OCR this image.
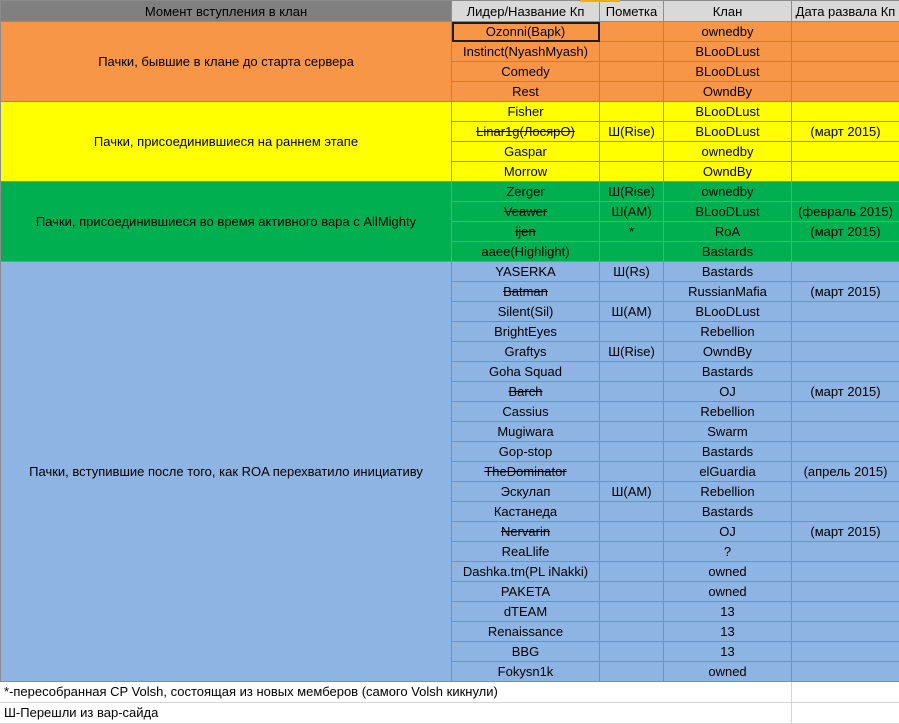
Момент вступления в клан	Лидер/Название Кп	Пометка	Клан	Дата развала Кп
Пачки, бывшие в клане до старта сервера	Ozonni(Bapk)		ownedby	
	Instinct(NyashMyash)		BLooDLust	
	Comedy		BLooDLust	
	Rest		OwndBy	
Пачки, присоединившиеся на раннем этапе	Fisher		BLooDLust	
	Linar1g(ЛосярО)	Ш(Rise)	BLooDLust	(март 2015)
	Gaspar		ownedby	
	Morrow		OwndBy	
Пачки, присоединившиеся во время активного вара с AllMighty	Zerger	Ш(Rise)	ownedby	
	Veawer	Ш(AM)	BLooDLust	(февраль 2015)
	ijen	*	RoA	(март 2015)
	aaee(Highlight)		Bastards	
Пачки, вступившие после того, как ROA перехватило инициативу	YASERKA	Ш(Rs)	Bastards	
	Batman		RussianMafia	(март 2015)
	Silent(Sil)	Ш(AM)	BLooDLust	
	BrightEyes		Rebellion	
	Graftys	Ш(Rise)	OwndBy	
	Goha Squad		Bastards	
	Barch		OJ	(март 2015)
	Cassius		Rebellion	
	Mugiwara		Swarm	
	Gop-stop		Bastards	
	TheDominator		elGuardia	(апрель 2015)
	Эскулап	Ш(AM)	Rebellion	
	Кастанеда		Bastards	
	Nervarin		OJ	(март 2015)
	ReaLlife		?	
	Dashka.tm(PL iNakki)		owned	
	PAKETA		owned	
	dTEAM		13	
	Renaissance		13	
	BBG		13	
	Fokysn1k		owned	
*-пересобранная CP Volsh, состоящая из новых мемберов (самого Volsh кикнули)
Ш-Перешли из вар-сайда
